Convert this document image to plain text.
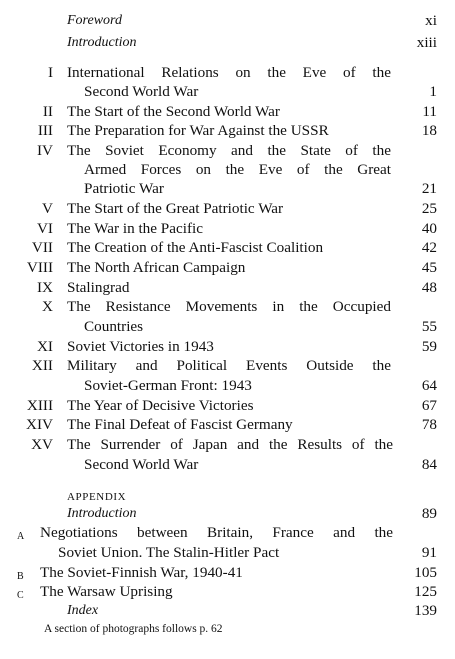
Foreword	xi
Introduction	xiii
I International Relations on the Eve of the
Second World War	1
II The Start of the Second World War	11
III The Preparation for War Against the USSR	18
IV The Soviet Economy and the State of the
Armed Forces on the Eve of the Great
Patriotic War	21
V The Start of the Great Patriotic War	25
VI The War in the Pacific	40
VII The Creation of the Anti-Fascist Coalition	42
VIII The North African Campaign	45
IX Stalingrad	48
X The Resistance Movements in the Occupied
Countries	55
XI Soviet Victories in 1943	59
XII Military and Political Events Outside the
Soviet-German Front: 1943	64
XIII The Year of Decisive Victories	67
XIV The Final Defeat of Fascist Germany	78
XV The Surrender of Japan and the Results of the
Second World War	84
APPENDIX
Introduction	89
A Negotiations between Britain, France and the
Soviet Union. The Stalin-Hitler Pact	91
B The Soviet-Finnish War, 1940-41	105
C The Warsaw Uprising	125
Index	139
A section of photographs follows p. 62
